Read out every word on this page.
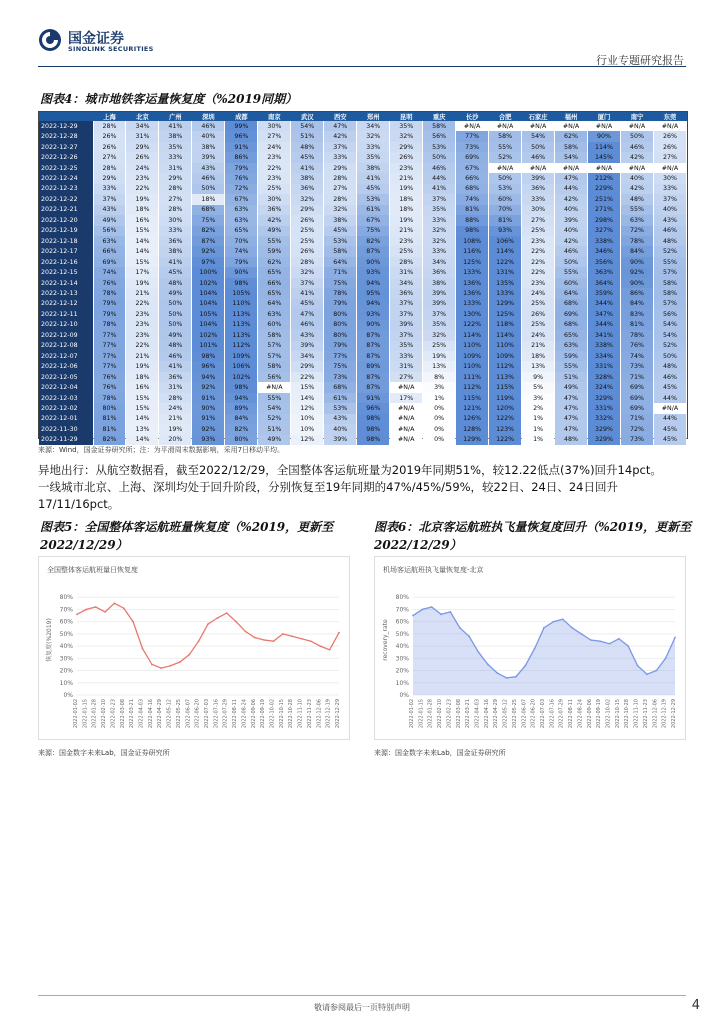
国金证券
SINOLINK SECURITIES
行业专题研究报告
图表4：城市地铁客运量恢复度（%2019同期）
	上海	北京	广州	深圳	成都	南京	武汉	西安	郑州	昆明	重庆	长沙	合肥	石家庄	福州	厦门	南宁	东莞
2022-12-29	28%	34%	41%	46%	99%	30%	54%	47%	34%	35%	58%	#N/A	#N/A	#N/A	#N/A	#N/A	#N/A	#N/A
2022-12-28	26%	31%	38%	40%	96%	27%	51%	42%	32%	32%	56%	77%	58%	54%	62%	90%	50%	26%
2022-12-27	26%	29%	35%	38%	91%	24%	48%	37%	33%	29%	53%	73%	55%	50%	58%	114%	46%	26%
2022-12-26	27%	26%	33%	39%	86%	23%	45%	33%	35%	26%	50%	69%	52%	46%	54%	145%	42%	27%
2022-12-25	28%	24%	31%	43%	79%	22%	41%	29%	38%	23%	46%	67%	#N/A	#N/A	#N/A	#N/A	#N/A	#N/A
2022-12-24	29%	23%	29%	46%	76%	23%	38%	28%	41%	21%	44%	66%	50%	39%	47%	212%	40%	30%
2022-12-23	33%	22%	28%	50%	72%	25%	36%	27%	45%	19%	41%	68%	53%	36%	44%	229%	42%	33%
2022-12-22	37%	19%	27%	18%	67%	30%	32%	28%	53%	18%	37%	74%	60%	33%	42%	251%	48%	37%
2022-12-21	43%	18%	28%	68%	63%	36%	29%	32%	61%	18%	35%	81%	70%	30%	40%	271%	55%	40%
2022-12-20	49%	16%	30%	75%	63%	42%	26%	38%	67%	19%	33%	88%	81%	27%	39%	298%	63%	43%
2022-12-19	56%	15%	33%	82%	65%	49%	25%	45%	75%	21%	32%	98%	93%	25%	40%	327%	72%	46%
2022-12-18	63%	14%	36%	87%	70%	55%	25%	53%	82%	23%	32%	108%	106%	23%	42%	338%	78%	48%
2022-12-17	66%	14%	38%	92%	74%	59%	26%	58%	87%	25%	33%	116%	114%	22%	46%	346%	84%	52%
2022-12-16	69%	15%	41%	97%	79%	62%	28%	64%	90%	28%	34%	125%	122%	22%	50%	356%	90%	55%
2022-12-15	74%	17%	45%	100%	90%	65%	32%	71%	93%	31%	36%	133%	131%	22%	55%	363%	92%	57%
2022-12-14	76%	19%	48%	102%	98%	66%	37%	75%	94%	34%	38%	136%	135%	23%	60%	364%	90%	58%
2022-12-13	78%	21%	49%	104%	105%	65%	41%	78%	95%	36%	39%	136%	133%	24%	64%	359%	86%	58%
2022-12-12	79%	22%	50%	104%	110%	64%	45%	79%	94%	37%	39%	133%	129%	25%	68%	344%	84%	57%
2022-12-11	79%	23%	50%	105%	113%	63%	47%	80%	93%	37%	37%	130%	125%	26%	69%	347%	83%	56%
2022-12-10	78%	23%	50%	104%	113%	60%	46%	80%	90%	39%	35%	122%	118%	25%	68%	344%	81%	54%
2022-12-09	77%	23%	49%	102%	113%	58%	43%	80%	87%	37%	32%	114%	114%	24%	65%	341%	78%	54%
2022-12-08	77%	22%	48%	101%	112%	57%	39%	79%	87%	35%	25%	110%	110%	21%	63%	338%	76%	52%
2022-12-07	77%	21%	46%	98%	109%	57%	34%	77%	87%	33%	19%	109%	109%	18%	59%	334%	74%	50%
2022-12-06	77%	19%	41%	96%	106%	58%	29%	75%	89%	31%	13%	110%	112%	13%	55%	331%	73%	48%
2022-12-05	76%	18%	36%	94%	102%	56%	22%	73%	87%	27%	8%	111%	113%	9%	51%	328%	71%	46%
2022-12-04	76%	16%	31%	92%	98%	#N/A	15%	68%	87%	#N/A	3%	112%	115%	5%	49%	324%	69%	45%
2022-12-03	78%	15%	28%	91%	94%	55%	14%	61%	91%	17%	1%	115%	119%	3%	47%	329%	69%	44%
2022-12-02	80%	15%	24%	90%	89%	54%	12%	53%	96%	#N/A	0%	121%	120%	2%	47%	331%	69%	#N/A
2022-12-01	81%	14%	21%	91%	84%	52%	10%	43%	98%	#N/A	0%	126%	122%	1%	47%	332%	71%	44%
2022-11-30	81%	13%	19%	92%	82%	51%	10%	40%	98%	#N/A	0%	128%	123%	1%	47%	329%	72%	45%
2022-11-29	82%	14%	20%	93%	80%	49%	12%	39%	98%	#N/A	0%	129%	122%	1%	48%	329%	73%	45%
来源：Wind，国金证券研究所；注：为平滑周末数据影响，采用7日移动平均。
异地出行：从航空数据看，截至2022/12/29，全国整体客运航班量为2019年同期51%，较12.22低点(37%)回升14pct。
一线城市北京、上海、深圳均处于回升阶段，分别恢复至19年同期的47%/45%/59%，较22日、24日、24日回升
17/11/16pct。
图表5：全国整体客运航班量恢复度（%2019，更新至
2022/12/29）
图表6：北京客运航班执飞量恢复度回升（%2019，更新至
2022/12/29）
全国整体客运航班量日恢复度
0%
10%
20%
30%
40%
50%
60%
70%
80%
恢复度(%2019)
2022-01-02 2022-01-15 2022-01-28 2022-02-10 2022-02-23 2022-03-08 2022-03-21 2022-04-03 2022-04-16 2022-04-29 2022-05-12 2022-05-25 2022-06-07 2022-06-20 2022-07-03 2022-07-16 2022-07-29 2022-08-11 2022-08-24 2022-09-06 2022-09-19 2022-10-02 2022-10-15 2022-10-28 2022-11-10 2022-11-23 2022-12-06 2022-12-19 2022-12-29
机场客运航班执飞量恢复度-北京
0%
10%
20%
30%
40%
50%
60%
70%
80%
recovery_rate
2022-01-02 2022-01-15 2022-01-28 2022-02-10 2022-02-23 2022-03-08 2022-03-21 2022-04-03 2022-04-16 2022-04-29 2022-05-12 2022-05-25 2022-06-07 2022-06-20 2022-07-03 2022-07-16 2022-07-29 2022-08-11 2022-08-24 2022-09-06 2022-09-19 2022-10-02 2022-10-15 2022-10-28 2022-11-10 2022-11-23 2022-12-06 2022-12-19 2022-12-29
来源：国金数字未来Lab，国金证券研究所	来源：国金数字未来Lab，国金证券研究所
敬请参阅最后一页特别声明	4
